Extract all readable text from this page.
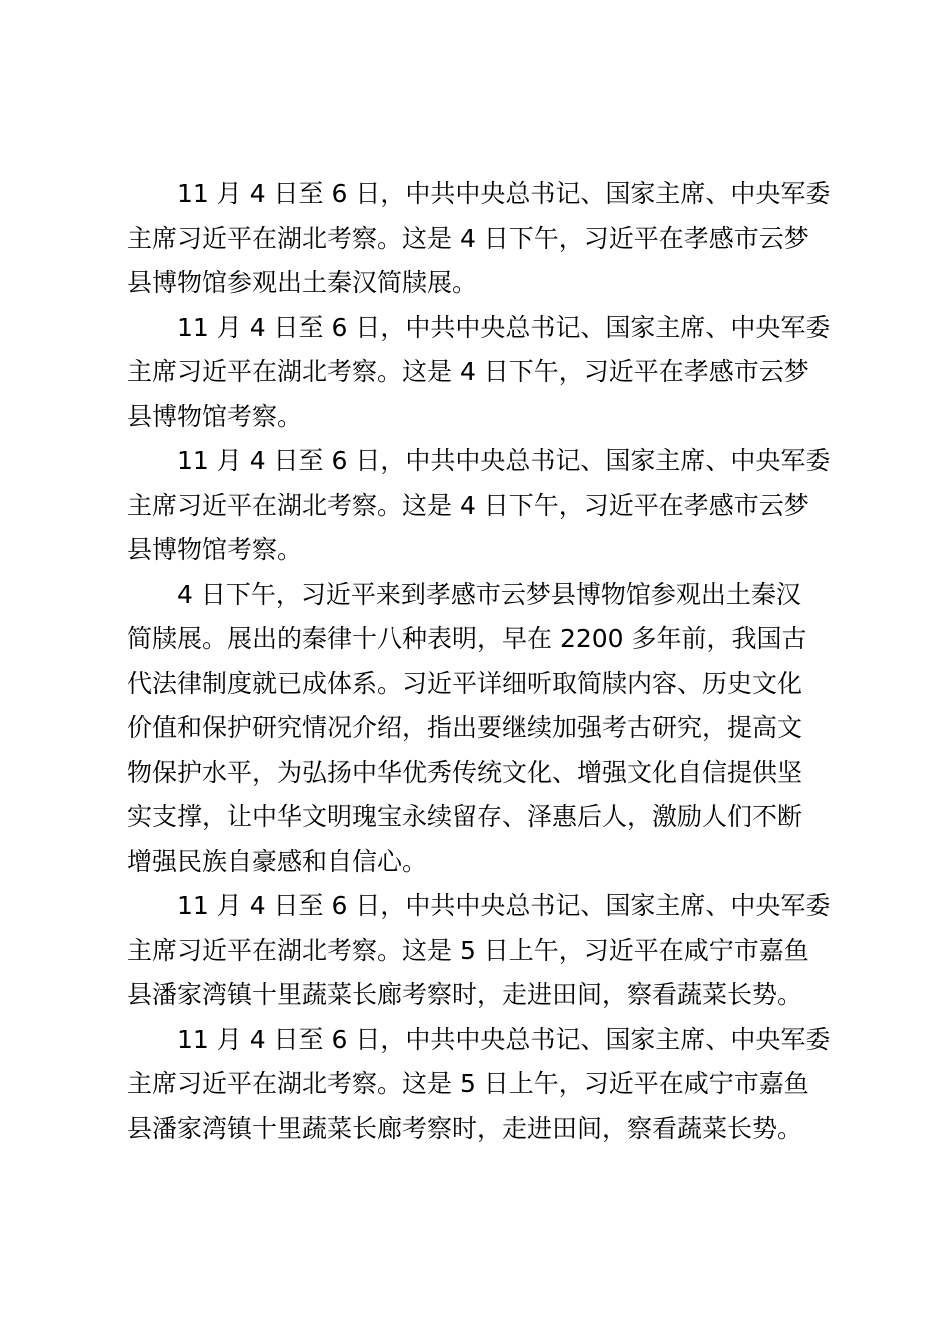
11 月 4 日至 6 日，中共中央总书记、国家主席、中央军委
主席习近平在湖北考察。这是 4 日下午，习近平在孝感市云梦
县博物馆参观出土秦汉简牍展。

11 月 4 日至 6 日，中共中央总书记、国家主席、中央军委
主席习近平在湖北考察。这是 4 日下午，习近平在孝感市云梦
县博物馆考察。

11 月 4 日至 6 日，中共中央总书记、国家主席、中央军委
主席习近平在湖北考察。这是 4 日下午，习近平在孝感市云梦
县博物馆考察。

4 日下午，习近平来到孝感市云梦县博物馆参观出土秦汉
简牍展。展出的秦律十八种表明，早在 2200 多年前，我国古
代法律制度就已成体系。习近平详细听取简牍内容、历史文化
价值和保护研究情况介绍，指出要继续加强考古研究，提高文
物保护水平，为弘扬中华优秀传统文化、增强文化自信提供坚
实支撑，让中华文明瑰宝永续留存、泽惠后人，激励人们不断
增强民族自豪感和自信心。

11 月 4 日至 6 日，中共中央总书记、国家主席、中央军委
主席习近平在湖北考察。这是 5 日上午，习近平在咸宁市嘉鱼
县潘家湾镇十里蔬菜长廊考察时，走进田间，察看蔬菜长势。

11 月 4 日至 6 日，中共中央总书记、国家主席、中央军委
主席习近平在湖北考察。这是 5 日上午，习近平在咸宁市嘉鱼
县潘家湾镇十里蔬菜长廊考察时，走进田间，察看蔬菜长势。
